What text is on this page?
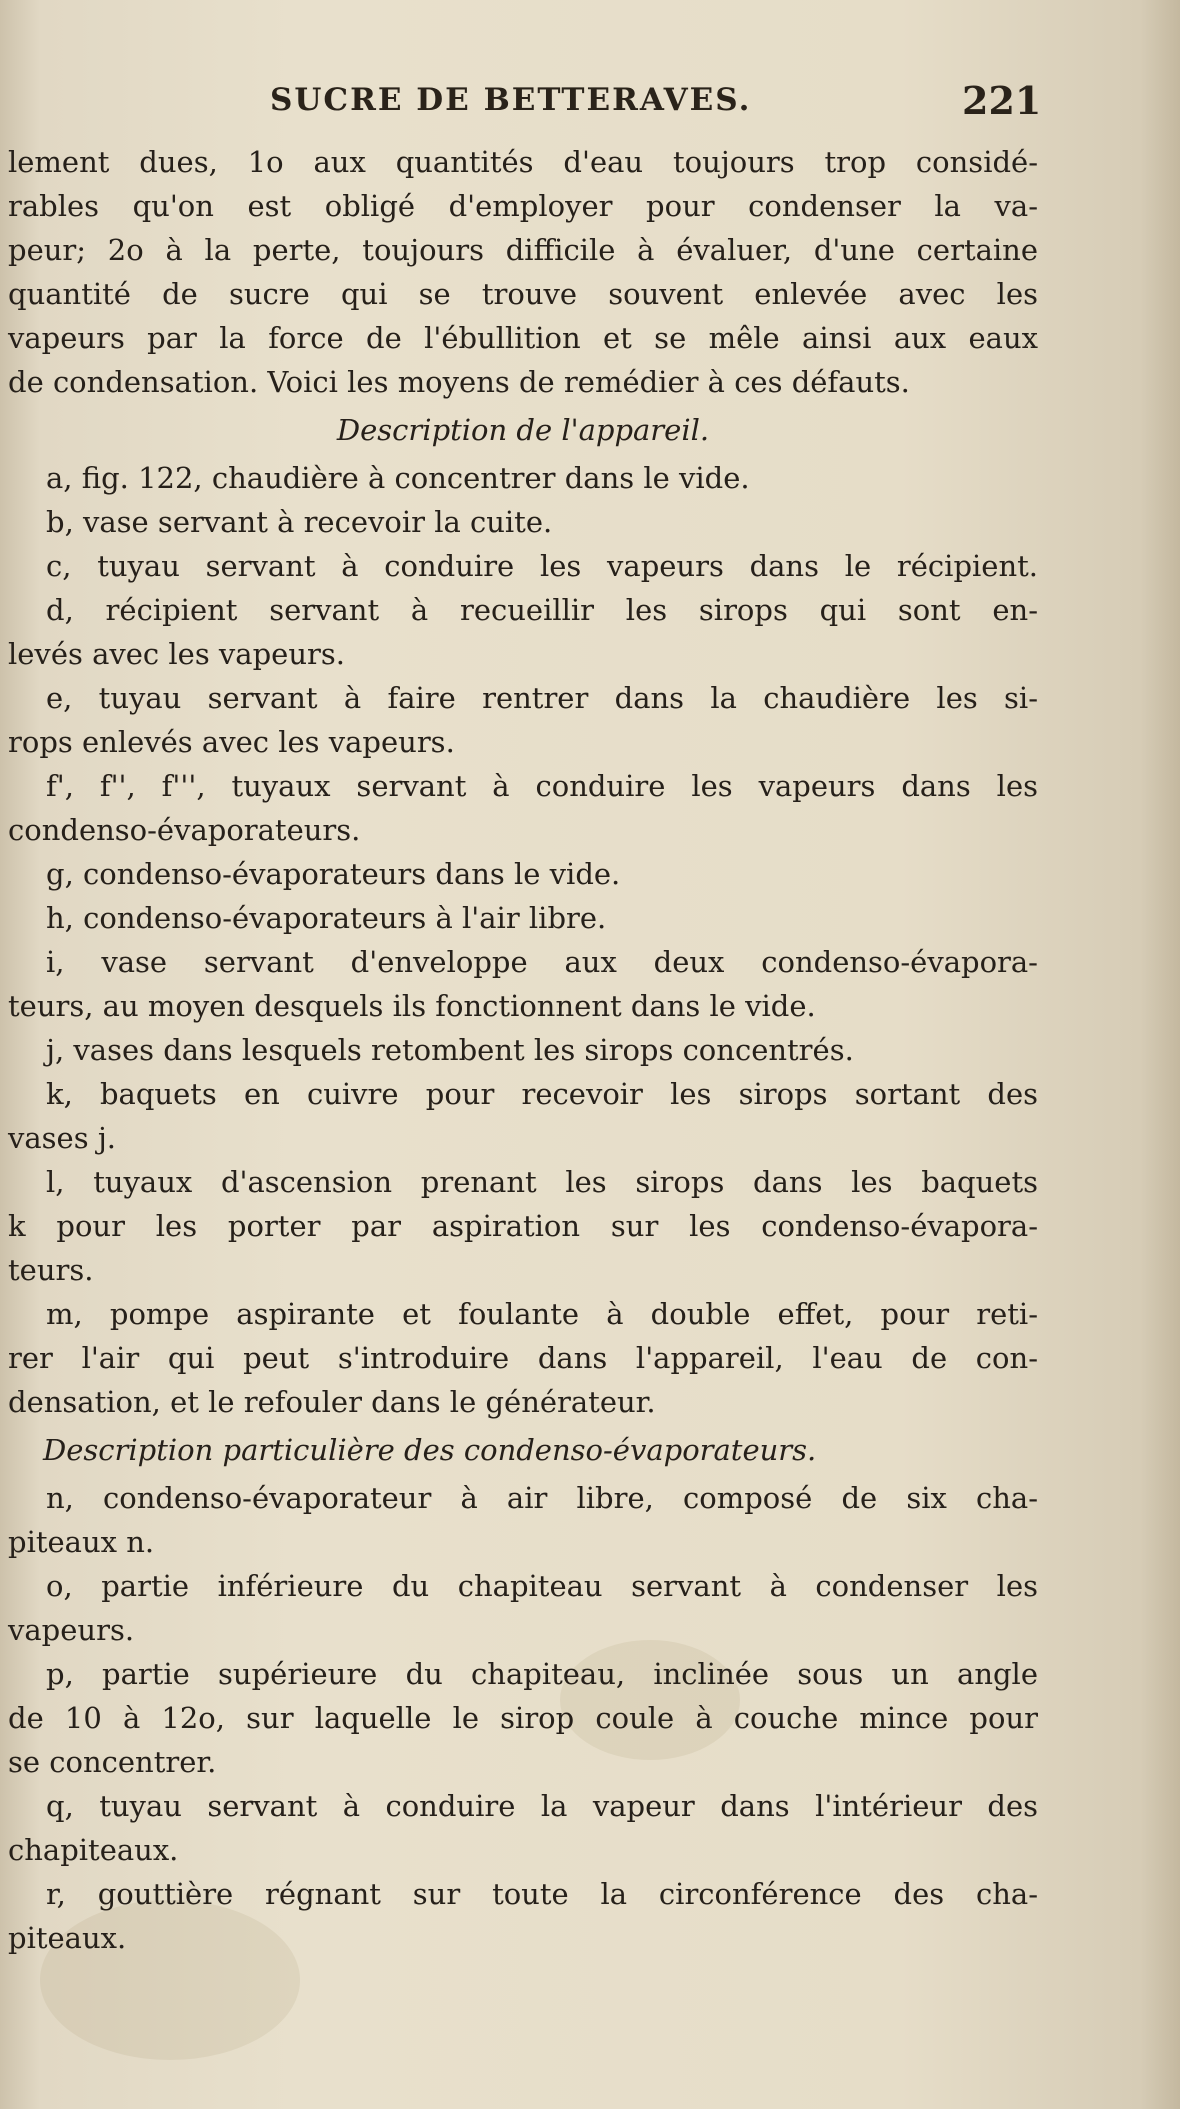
SUCRE DE BETTERAVES.	221
lement dues, 1o aux quantités d'eau toujours trop considé-
rables qu'on est obligé d'employer pour condenser la va-
peur; 2o à la perte, toujours difficile à évaluer, d'une certaine
quantité de sucre qui se trouve souvent enlevée avec les
vapeurs par la force de l'ébullition et se mêle ainsi aux eaux
de condensation. Voici les moyens de remédier à ces défauts.
Description de l'appareil.
a, fig. 122, chaudière à concentrer dans le vide.
b, vase servant à recevoir la cuite.
c, tuyau servant à conduire les vapeurs dans le récipient.
d, récipient servant à recueillir les sirops qui sont en-
levés avec les vapeurs.
e, tuyau servant à faire rentrer dans la chaudière les si-
rops enlevés avec les vapeurs.
f', f'', f''', tuyaux servant à conduire les vapeurs dans les
condenso-évaporateurs.
g, condenso-évaporateurs dans le vide.
h, condenso-évaporateurs à l'air libre.
i, vase servant d'enveloppe aux deux condenso-évapora-
teurs, au moyen desquels ils fonctionnent dans le vide.
j, vases dans lesquels retombent les sirops concentrés.
k, baquets en cuivre pour recevoir les sirops sortant des
vases j.
l, tuyaux d'ascension prenant les sirops dans les baquets
k pour les porter par aspiration sur les condenso-évapora-
teurs.
m, pompe aspirante et foulante à double effet, pour reti-
rer l'air qui peut s'introduire dans l'appareil, l'eau de con-
densation, et le refouler dans le générateur.
Description particulière des condenso-évaporateurs.
n, condenso-évaporateur à air libre, composé de six cha-
piteaux n.
o, partie inférieure du chapiteau servant à condenser les
vapeurs.
p, partie supérieure du chapiteau, inclinée sous un angle
de 10 à 12o, sur laquelle le sirop coule à couche mince pour
se concentrer.
q, tuyau servant à conduire la vapeur dans l'intérieur des
chapiteaux.
r, gouttière régnant sur toute la circonférence des cha-
piteaux.
